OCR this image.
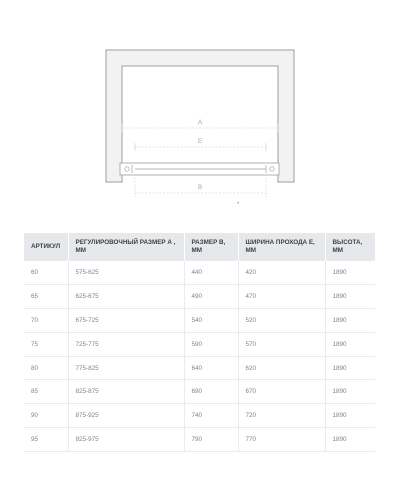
A
E
B
*
АРТИКУЛ	РЕГУЛИРОВОЧНЫЙ РАЗМЕР А , ММ	РАЗМЕР В, ММ	ШИРИНА ПРОХОДА Е, ММ	ВЫСОТА, ММ
60	575-625	440	420	1890
65	625-675	490	470	1890
70	675-725	540	520	1890
75	725-775	590	570	1890
80	775-825	640	620	1890
85	825-875	690	670	1890
90	875-925	740	720	1890
95	925-975	790	770	1890
